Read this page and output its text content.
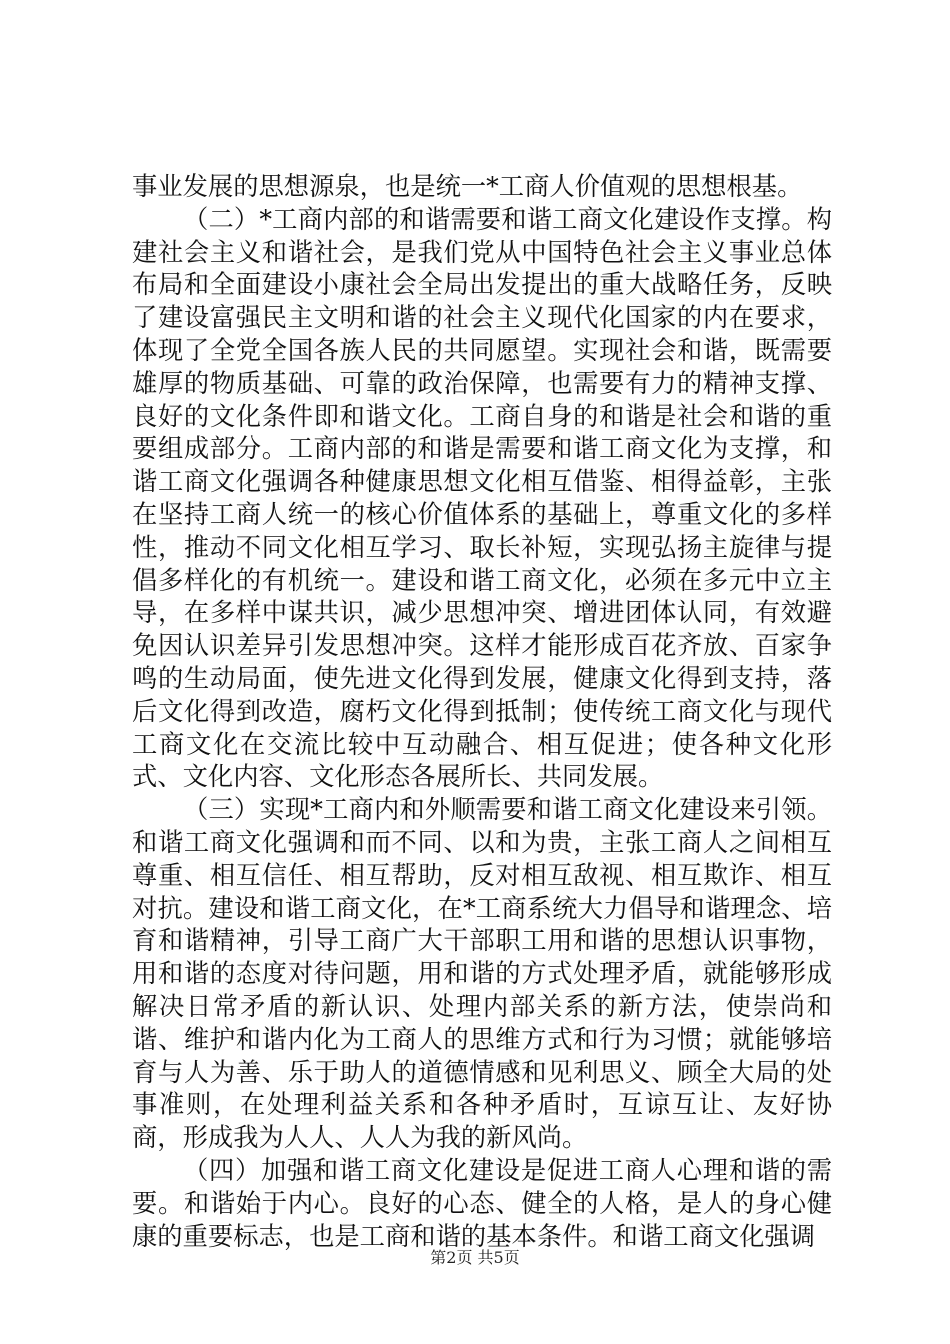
事业发展的思想源泉，也是统一*工商人价值观的思想根基。

（二）*工商内部的和谐需要和谐工商文化建设作支撑。构建社会主义和谐社会，是我们党从中国特色社会主义事业总体布局和全面建设小康社会全局出发提出的重大战略任务，反映了建设富强民主文明和谐的社会主义现代化国家的内在要求，体现了全党全国各族人民的共同愿望。实现社会和谐，既需要雄厚的物质基础、可靠的政治保障，也需要有力的精神支撑、良好的文化条件即和谐文化。工商自身的和谐是社会和谐的重要组成部分。工商内部的和谐是需要和谐工商文化为支撑，和谐工商文化强调各种健康思想文化相互借鉴、相得益彰，主张在坚持工商人统一的核心价值体系的基础上，尊重文化的多样性，推动不同文化相互学习、取长补短，实现弘扬主旋律与提倡多样化的有机统一。建设和谐工商文化，必须在多元中立主导，在多样中谋共识，减少思想冲突、增进团体认同，有效避免因认识差异引发思想冲突。这样才能形成百花齐放、百家争鸣的生动局面，使先进文化得到发展，健康文化得到支持，落后文化得到改造，腐朽文化得到抵制；使传统工商文化与现代工商文化在交流比较中互动融合、相互促进；使各种文化形式、文化内容、文化形态各展所长、共同发展。

（三）实现*工商内和外顺需要和谐工商文化建设来引领。和谐工商文化强调和而不同、以和为贵，主张工商人之间相互尊重、相互信任、相互帮助，反对相互敌视、相互欺诈、相互对抗。建设和谐工商文化，在*工商系统大力倡导和谐理念、培育和谐精神，引导工商广大干部职工用和谐的思想认识事物，用和谐的态度对待问题，用和谐的方式处理矛盾，就能够形成解决日常矛盾的新认识、处理内部关系的新方法，使崇尚和谐、维护和谐内化为工商人的思维方式和行为习惯；就能够培育与人为善、乐于助人的道德情感和见利思义、顾全大局的处事准则，在处理利益关系和各种矛盾时，互谅互让、友好协商，形成我为人人、人人为我的新风尚。

（四）加强和谐工商文化建设是促进工商人心理和谐的需要。和谐始于内心。良好的心态、健全的人格，是人的身心健康的重要标志，也是工商和谐的基本条件。和谐工商文化强调

第2页 共5页
